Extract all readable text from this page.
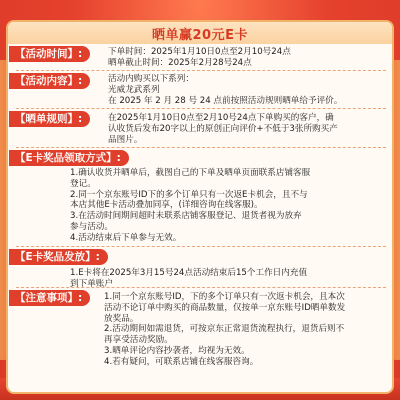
晒单赢20元E卡
【活动时间】:	下单时间：2025年1月10日0点至2月10号24点
晒单截止时间：2025年2月28号24点
【活动内容】:	活动内购买以下系列：
光威龙武系列
在 2025 年 2 月 28 号 24 点前按照活动规则晒单给予评价。
【晒单规则】:	在2025年1月10日0点至2月10号24点下单购买的客户，确
认收货后发布20字以上的原创正向评价+不低于3张所购买产
品图片。
【E卡奖品领取方式】:
1.确认收货并晒单后，截图自己的下单及晒单页面联系店铺客服
登记。
2.同一个京东账号ID下的多个订单只有一次返E卡机会，且不与
本店其他E卡活动叠加同享，(详细咨询在线客服)。
3.在活动时间期间超时未联系店铺客服登记、退货者视为放弃
参与活动。
4.活动结束后下单参与无效。
【E卡奖品发放】:
1.E卡将在2025年3月15号24点活动结束后15个工作日内充值
到下单账户
【注意事项】:	1.同一个京东账号ID，下的多个订单只有一次返卡机会，且本次
活动不论订单中购买的商品数量，仅按单一京东账号ID晒单数发
放奖品。
2.活动期间如需退货，可按京东正常退货流程执行，退货后则不
再享受活动奖励。
3.晒单评论内容抄袭者，均视为无效。
4.若有疑问，可联系店铺在线客服咨询。
